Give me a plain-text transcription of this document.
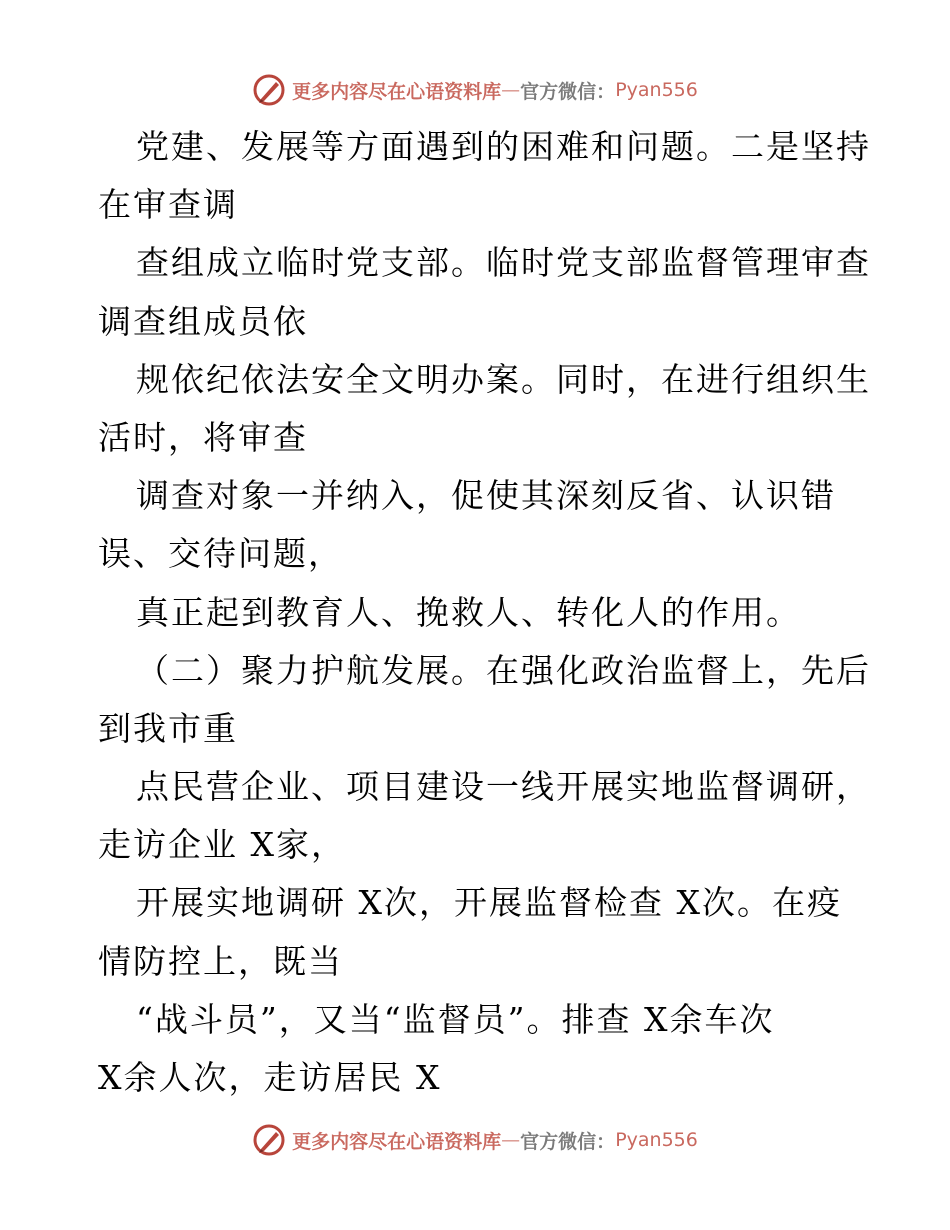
更多内容尽在心语资料库 — 官方微信： Pyan556
党建、发展等方面遇到的困难和问题。二是坚持
在审查调
查组成立临时党支部。临时党支部监督管理审查
调查组成员依
规依纪依法安全文明办案。同时，在进行组织生
活时，将审查
调查对象一并纳入，促使其深刻反省、认识错
误、交待问题，
真正起到教育人、挽救人、转化人的作用。
（二）聚力护航发展。在强化政治监督上，先后
到我市重
点民营企业、项目建设一线开展实地监督调研，
走访企业 X家，
开展实地调研 X次，开展监督检查 X次。在疫
情防控上，既当
“战斗员”，又当“监督员”。排查 X余车次
X余人次，走访居民 X
更多内容尽在心语资料库 — 官方微信： Pyan556
